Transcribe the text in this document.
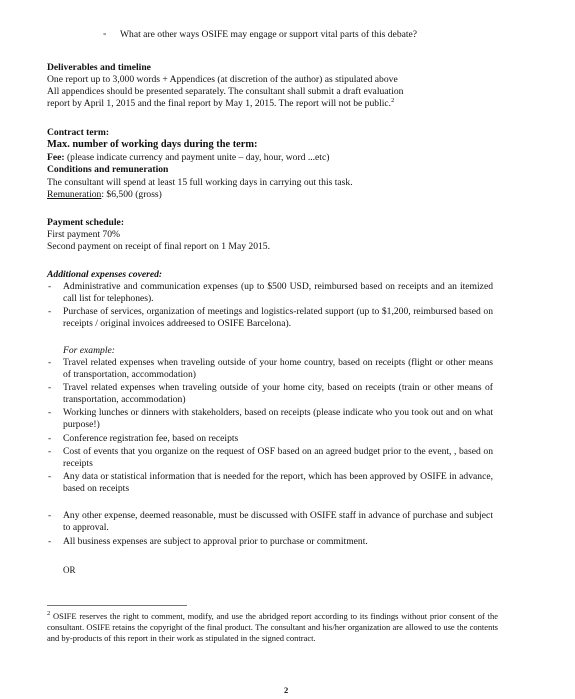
◦ What are other ways OSIFE may engage or support vital parts of this debate?
Deliverables and timeline
One report up to 3,000 words + Appendices (at discretion of the author) as stipulated above
All appendices should be presented separately. The consultant shall submit a draft evaluation
report by April 1, 2015 and the final report by May 1, 2015. The report will not be public.$^2$
Contract term:
Max. number of working days during the term:
Fee: (please indicate currency and payment unite – day, hour, word ...etc)
Conditions and remuneration
The consultant will spend at least 15 full working days in carrying out this task.
Remuneration: $6,500 (gross)
Payment schedule:
First payment 70%
Second payment on receipt of final report on 1 May 2015.
Additional expenses covered:
- Administrative and communication expenses (up to $500 USD, reimbursed based on receipts and an itemized call list for telephones).
- Purchase of services, organization of meetings and logistics-related support (up to $1,200, reimbursed based on receipts / original invoices addreesed to OSIFE Barcelona).
For example:
- Travel related expenses when traveling outside of your home country, based on receipts (flight or other means of transportation, accommodation)
- Travel related expenses when traveling outside of your home city, based on receipts (train or other means of transportation, accommodation)
- Working lunches or dinners with stakeholders, based on receipts (please indicate who you took out and on what purpose!)
- Conference registration fee, based on receipts
- Cost of events that you organize on the request of OSF based on an agreed budget prior to the event, , based on receipts
- Any data or statistical information that is needed for the report, which has been approved by OSIFE in advance, based on receipts
- Any other expense, deemed reasonable, must be discussed with OSIFE staff in advance of purchase and subject to approval.
- All business expenses are subject to approval prior to purchase or commitment.
OR
$^2$ OSIFE reserves the right to comment, modify, and use the abridged report according to its findings without prior consent of the consultant. OSIFE retains the copyright of the final product. The consultant and his/her organization are allowed to use the contents and by-products of this report in their work as stipulated in the signed contract.
2
